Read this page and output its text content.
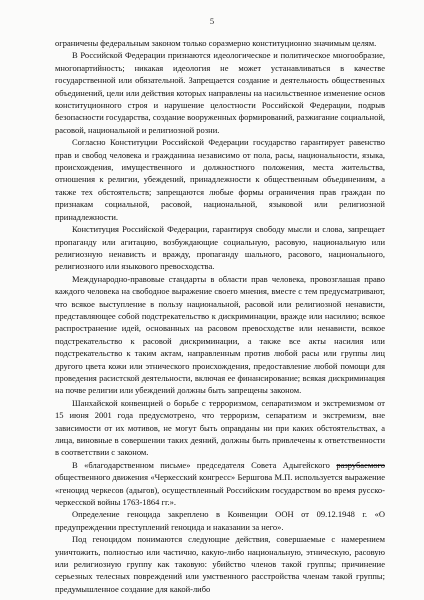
5

ограничены федеральным законом только соразмерно конституционно значимым целям.

В Российской Федерации признаются идеологическое и политическое многообразие, многопартийность; никакая идеология не может устанавливаться в качестве государственной или обязательной. Запрещается создание и деятельность общественных объединений, цели или действия которых направлены на насильственное изменение основ конституционного строя и нарушение целостности Российской Федерации, подрыв безопасности государства, создание вооруженных формирований, разжигание социальной, расовой, национальной и религиозной розни.

Согласно Конституции Российской Федерации государство гарантирует равенство прав и свобод человека и гражданина независимо от пола, расы, национальности, языка, происхождения, имущественного и должностного положения, места жительства, отношения к религии, убеждений, принадлежности к общественным объединениям, а также тех обстоятельств; запрещаются любые формы ограничения прав граждан по признакам социальной, расовой, национальной, языковой или религиозной принадлежности.

Конституция Российской Федерации, гарантируя свободу мысли и слова, запрещает пропаганду или агитацию, возбуждающие социальную, расовую, национальную или религиозную ненависть и вражду, пропаганду шального, расового, национального, религиозного или языкового превосходства.

Международно-правовые стандарты в области прав человека, провозглашая право каждого человека на свободное выражение своего мнения, вместе с тем предусматривают, что всякое выступление в пользу национальной, расовой или религиозной ненависти, представляющее собой подстрекательство к дискриминации, вражде или насилию; всякое распространение идей, основанных на расовом превосходстве или ненависти, всякое подстрекательство к расовой дискриминации, а также все акты насилия или подстрекательство к таким актам, направленным против любой расы или группы лиц другого цвета кожи или этнического происхождения, предоставление любой помощи для проведения расистской деятельности, включая ее финансирование; всякая дискриминация на почве религии или убеждений должны быть запрещены законом.

Шанхайской конвенцией о борьбе с терроризмом, сепаратизмом и экстремизмом от 15 июня 2001 года предусмотрено, что терроризм, сепаратизм и экстремизм, вне зависимости от их мотивов, не могут быть оправданы ни при каких обстоятельствах, а лица, виновные в совершении таких деяний, должны быть привлечены к ответственности в соответствии с законом.

В «благодарственном письме» председателя Совета Адыгейского разрубаемого общественного движения «Черкесский конгресс» Бершгова М.П. используется выражение «геноцид черкесов (адыгов), осуществленный Российским государством во время русско-черкесской войны 1763-1864 гг.».

Определение геноцида закреплено в Конвенции ООН от 09.12.1948 г. «О предупреждении преступлений геноцида и наказании за него».

Под геноцидом понимаются следующие действия, совершаемые с намерением уничтожить, полностью или частично, какую-либо национальную, этническую, расовую или религиозную группу как таковую: убийство членов такой группы; причинение серьезных телесных повреждений или умственного расстройства членам такой группы; предумышленное создание для какой-либо
